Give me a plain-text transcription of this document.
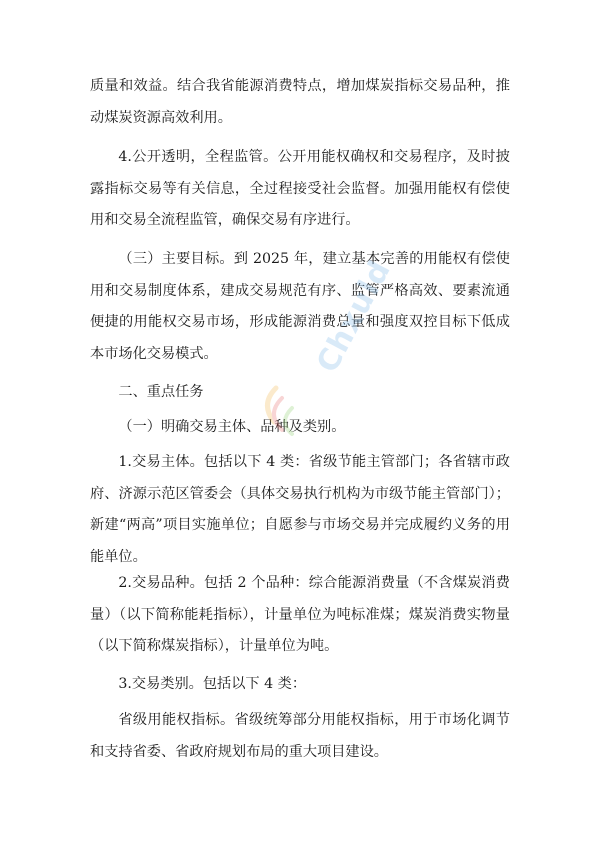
质量和效益。结合我省能源消费特点，增加煤炭指标交易品种，推动煤炭资源高效利用。

4.公开透明，全程监管。公开用能权确权和交易程序，及时披露指标交易等有关信息，全过程接受社会监督。加强用能权有偿使用和交易全流程监管，确保交易有序进行。

（三）主要目标。到 2025 年，建立基本完善的用能权有偿使用和交易制度体系，建成交易规范有序、监管严格高效、要素流通便捷的用能权交易市场，形成能源消费总量和强度双控目标下低成本市场化交易模式。

二、重点任务

（一）明确交易主体、品种及类别。

1.交易主体。包括以下 4 类：省级节能主管部门；各省辖市政府、济源示范区管委会（具体交易执行机构为市级节能主管部门）；新建“两高”项目实施单位；自愿参与市场交易并完成履约义务的用能单位。

2.交易品种。包括 2 个品种：综合能源消费量（不含煤炭消费量）（以下简称能耗指标），计量单位为吨标准煤；煤炭消费实物量（以下简称煤炭指标），计量单位为吨。

3.交易类别。包括以下 4 类：

省级用能权指标。省级统筹部分用能权指标，用于市场化调节和支持省委、省政府规划布局的重大项目建设。

Chxuld
